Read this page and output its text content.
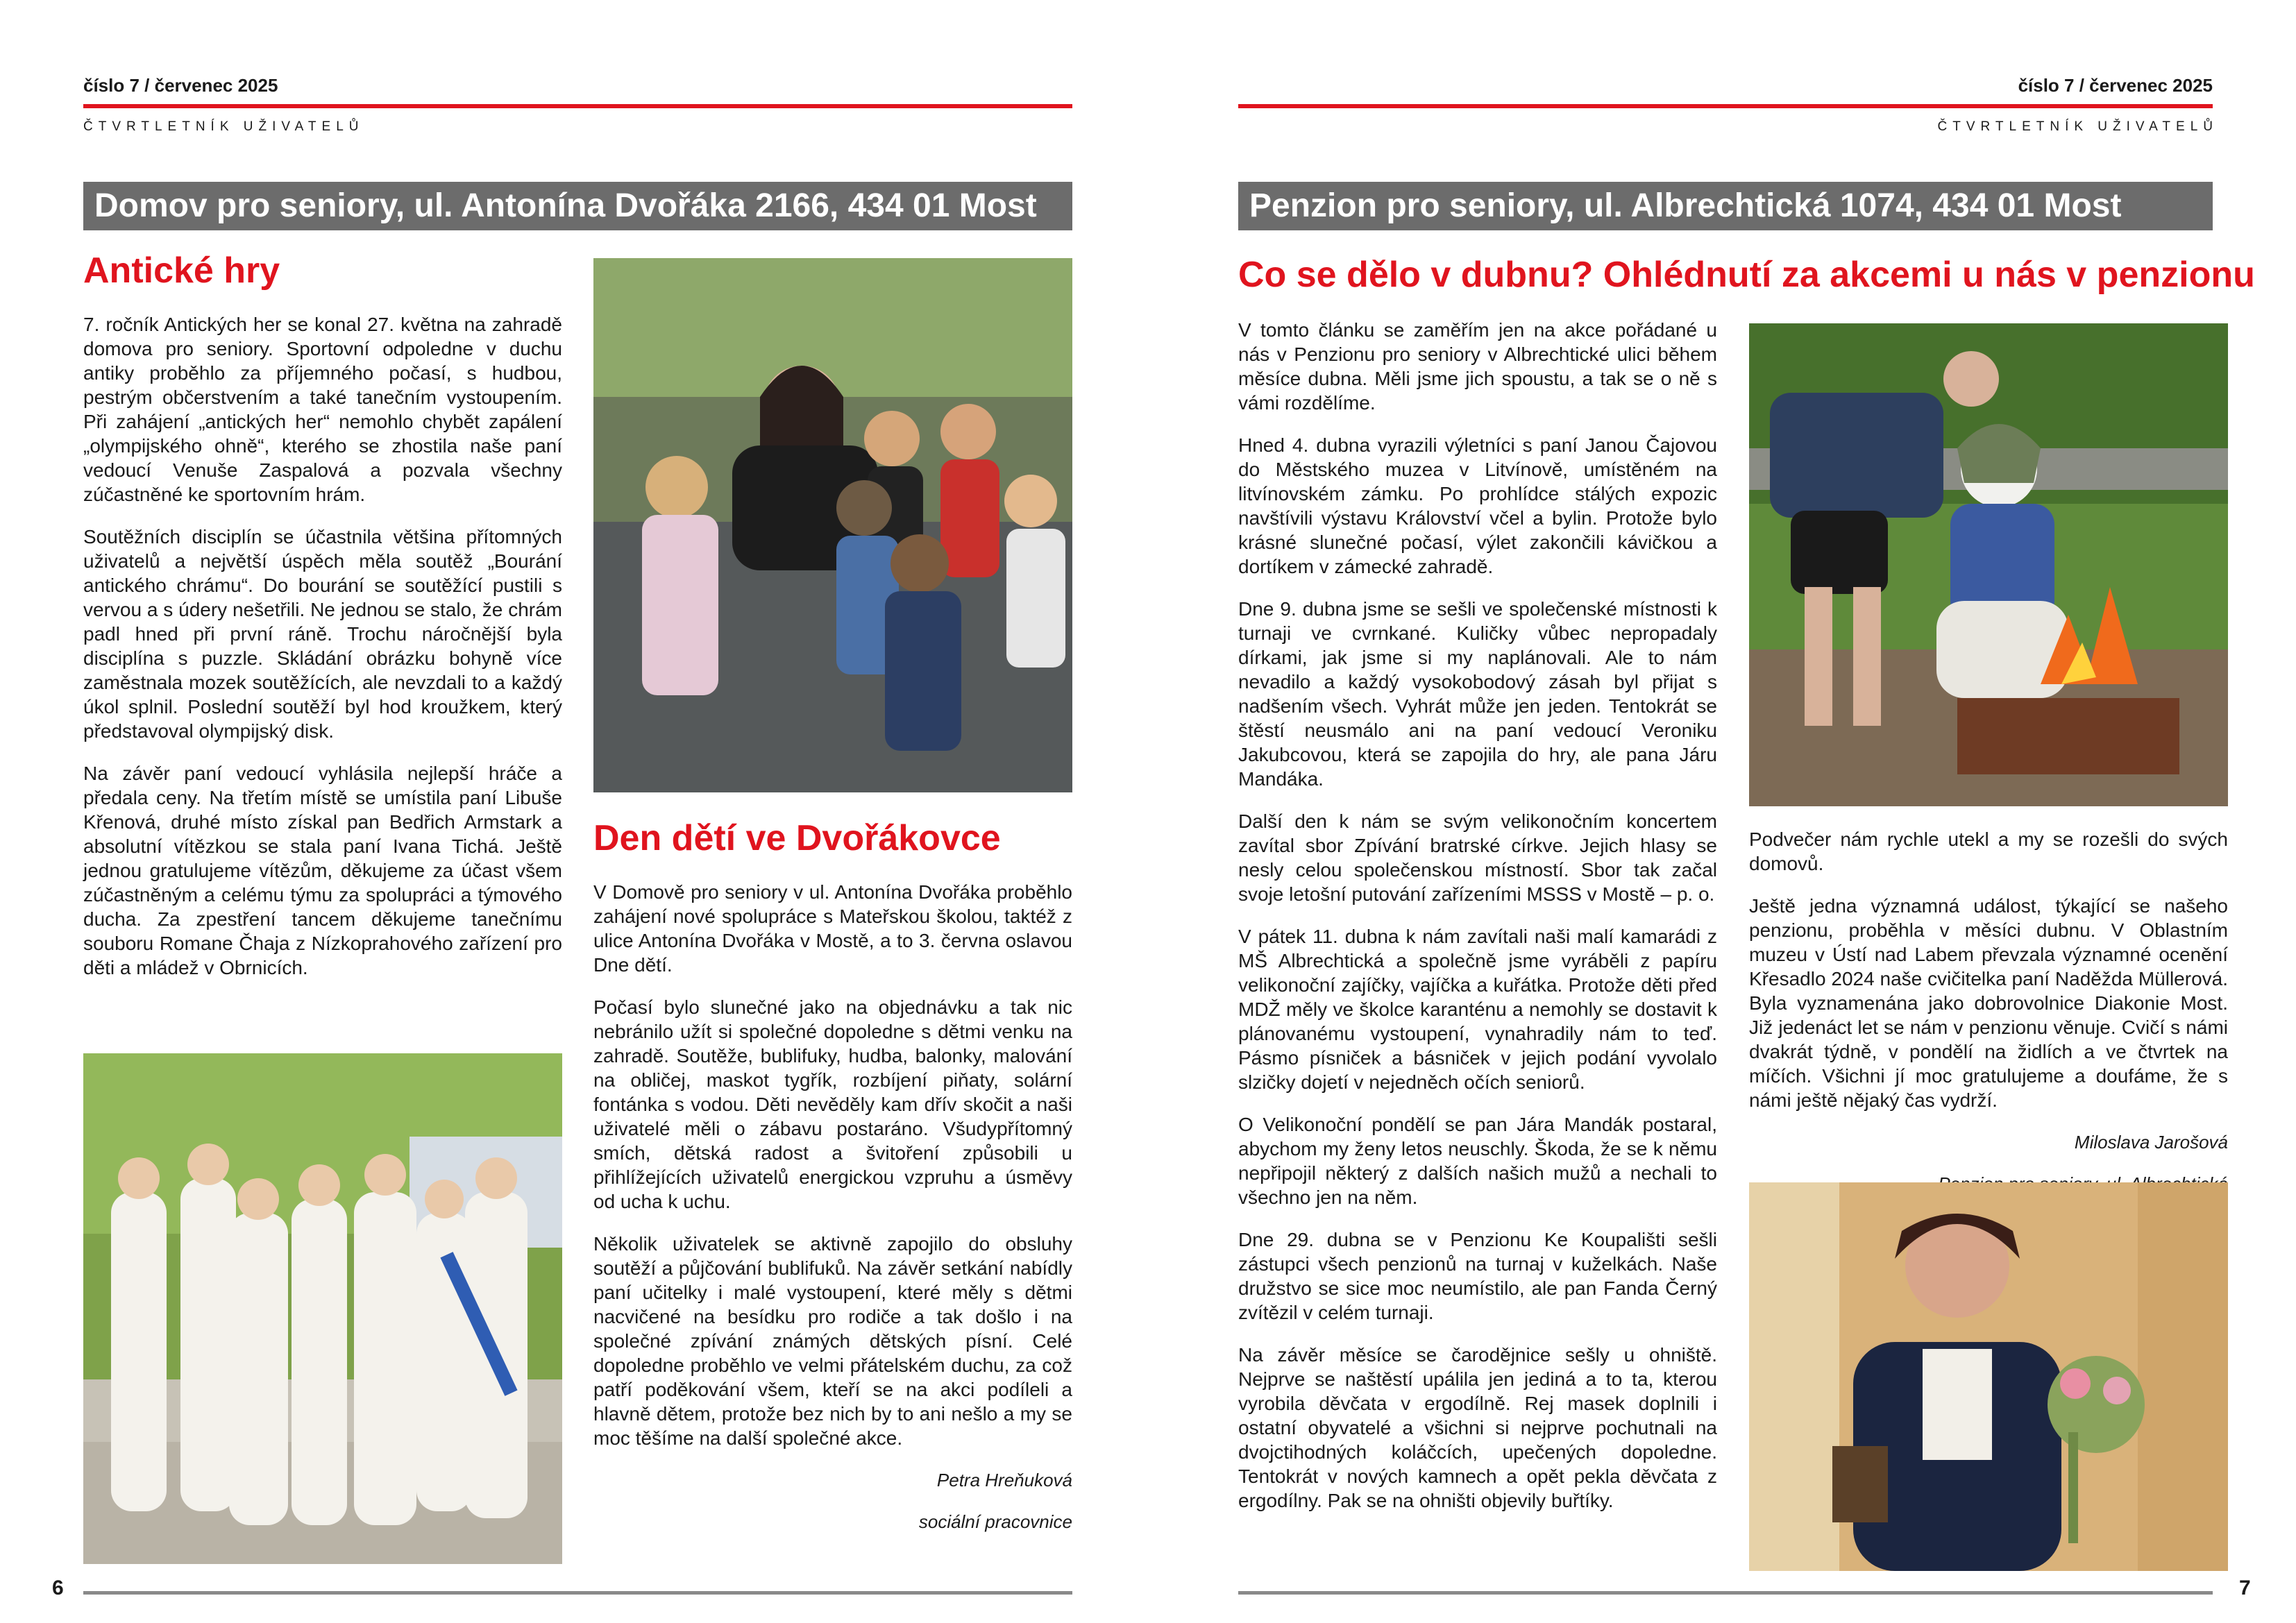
číslo 7 / červenec 2025
ČTVRTLETNÍK UŽIVATELŮ
Domov pro seniory, ul. Antonína Dvořáka 2166, 434 01 Most
Antické hry

7. ročník Antických her se konal 27. května na zahradě domova pro seniory. Sportovní odpoledne v duchu antiky proběhlo za příjemného počasí, s hudbou, pestrým občerstvením a také tanečním vystoupením. Při zahájení „antických her“ nemohlo chybět zapálení „olympijského ohně“, kterého se zhostila naše paní vedoucí Venuše Zaspalová a pozvala všechny zúčastněné ke sportovním hrám.

Soutěžních disciplín se účastnila většina přítomných uživatelů a největší úspěch měla soutěž „Bourání antického chrámu“. Do bourání se soutěžící pustili s vervou a s údery nešetřili. Ne jednou se stalo, že chrám padl hned při první ráně. Trochu náročnější byla disciplína s puzzle. Skládání obrázku bohyně více zaměstnala mozek soutěžících, ale nevzdali to a každý úkol splnil. Poslední soutěží byl hod kroužkem, který představoval olympijský disk.

Na závěr paní vedoucí vyhlásila nejlepší hráče a předala ceny. Na třetím místě se umístila paní Libuše Křenová, druhé místo získal pan Bedřich Armstark a absolutní vítězkou se stala paní Ivana Tichá. Ještě jednou gratulujeme vítězům, děkujeme za účast všem zúčastněným a celému týmu za spolupráci a týmového ducha. Za zpestření tancem děkujeme tanečnímu souboru Romane Čhaja z Nízkoprahového zařízení pro děti a mládež v Obrnicích.

Den dětí ve Dvořákovce

V Domově pro seniory v ul. Antonína Dvořáka proběhlo zahájení nové spolupráce s Mateřskou školou, taktéž z ulice Antonína Dvořáka v Mostě, a to 3. června oslavou Dne dětí.

Počasí bylo slunečné jako na objednávku a tak nic nebránilo užít si společné dopoledne s dětmi venku na zahradě. Soutěže, bublifuky, hudba, balonky, malování na obličej, maskot tygřík, rozbíjení piňaty, solární fontánka s vodou. Děti nevěděly kam dřív skočit a naši uživatelé měli o zábavu postaráno. Všudypřítomný smích, dětská radost a švitoření způsobili u přihlížejících uživatelů energickou vzpruhu a úsměvy od ucha k uchu.

Několik uživatelek se aktivně zapojilo do obsluhy soutěží a půjčování bublifuků. Na závěr setkání nabídly paní učitelky i malé vystoupení, které měly s dětmi nacvičené na besídku pro rodiče a tak došlo i na společné zpívání známých dětských písní. Celé dopoledne proběhlo ve velmi přátelském duchu, za což patří poděkování všem, kteří se na akci podíleli a hlavně dětem, protože bez nich by to ani nešlo a my se moc těšíme na další společné akce.

Petra Hreňuková

sociální pracovnice

6
číslo 7 / červenec 2025
ČTVRTLETNÍK UŽIVATELŮ
Penzion pro seniory, ul. Albrechtická 1074, 434 01 Most
Co se dělo v dubnu? Ohlédnutí za akcemi u nás v penzionu

V tomto článku se zaměřím jen na akce pořádané u nás v Penzionu pro seniory v Albrechtické ulici během měsíce dubna. Měli jsme jich spoustu, a tak se o ně s vámi rozdělíme.

Hned 4. dubna vyrazili výletníci s paní Janou Čajovou do Městského muzea v Litvínově, umístěném na litvínovském zámku. Po prohlídce stálých expozic navštívili výstavu Království včel a bylin. Protože bylo krásné slunečné počasí, výlet zakončili kávičkou a dortíkem v zámecké zahradě.

Dne 9. dubna jsme se sešli ve společenské místnosti k turnaji ve cvrnkané. Kuličky vůbec nepropadaly dírkami, jak jsme si my naplánovali. Ale to nám nevadilo a každý vysokobodový zásah byl přijat s nadšením všech. Vyhrát může jen jeden. Tentokrát se štěstí neusmálo ani na paní vedoucí Veroniku Jakubcovou, která se zapojila do hry, ale pana Járu Mandáka.

Další den k nám se svým velikonočním koncertem zavítal sbor Zpívání bratrské církve. Jejich hlasy se nesly celou společenskou místností. Sbor tak začal svoje letošní putování zařízeními MSSS v Mostě – p. o.

V pátek 11. dubna k nám zavítali naši malí kamarádi z MŠ Albrechtická a společně jsme vyráběli z papíru velikonoční zajíčky, vajíčka a kuřátka. Protože děti před MDŽ měly ve školce karanténu a nemohly se dostavit k plánovanému vystoupení, vynahradily nám to teď. Pásmo písniček a básniček v jejich podání vyvolalo slzičky dojetí v nejedněch očích seniorů.

O Velikonoční pondělí se pan Jára Mandák postaral, abychom my ženy letos neuschly. Škoda, že se k němu nepřipojil některý z dalších našich mužů a nechali to všechno jen na něm.

Dne 29. dubna se v Penzionu Ke Koupališti sešli zástupci všech penzionů na turnaj v kuželkách. Naše družstvo se sice moc neumístilo, ale pan Fanda Černý zvítězil v celém turnaji.

Na závěr měsíce se čarodějnice sešly u ohniště. Nejprve se naštěstí upálila jen jediná a to ta, kterou vyrobila děvčata v ergodílně. Rej masek doplnili i ostatní obyvatelé a všichni si nejprve pochutnali na dvojctihodných koláčcích, upečených dopoledne. Tentokrát v nových kamnech a opět pekla děvčata z ergodílny. Pak se na ohništi objevily buřtíky.

Podvečer nám rychle utekl a my se rozešli do svých domovů.

Ještě jedna významná událost, týkající se našeho penzionu, proběhla v měsíci dubnu. V Oblastním muzeu v Ústí nad Labem převzala významné ocenění Křesadlo 2024 naše cvičitelka paní Naděžda Müllerová. Byla vyznamenána jako dobrovolnice Diakonie Most. Již jedenáct let se nám v penzionu věnuje. Cvičí s námi dvakrát týdně, v pondělí na židlích a ve čtvrtek na míčích. Všichni jí moc gratulujeme a doufáme, že s námi ještě nějaký čas vydrží.

Miloslava Jarošová

7
